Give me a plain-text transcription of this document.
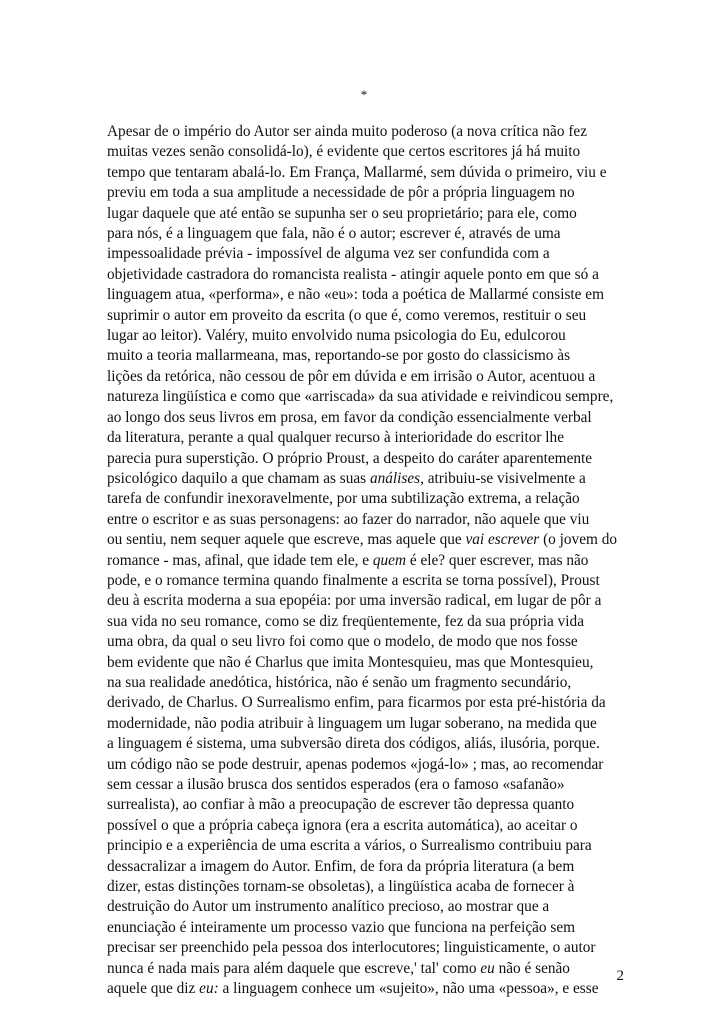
*
Apesar de o império do Autor ser ainda muito poderoso (a nova crítica não fez
muitas vezes senão consolidá-lo), é evidente que certos escritores já há muito
tempo que tentaram abalá-lo. Em França, Mallarmé, sem dúvida o primeiro, viu e
previu em toda a sua amplitude a necessidade de pôr a própria linguagem no
lugar daquele que até então se supunha ser o seu proprietário; para ele, como
para nós, é a linguagem que fala, não é o autor; escrever é, através de uma
impessoalidade prévia - impossível de alguma vez ser confundida com a
objetividade castradora do romancista realista - atingir aquele ponto em que só a
linguagem atua, «performa», e não «eu»: toda a poética de Mallarmé consiste em
suprimir o autor em proveito da escrita (o que é, como veremos, restituir o seu
lugar ao leitor). Valéry, muito envolvido numa psicologia do Eu, edulcorou
muito a teoria mallarmeana, mas, reportando-se por gosto do classicismo às
lições da retórica, não cessou de pôr em dúvida e em irrisão o Autor, acentuou a
natureza lingüística e como que «arriscada» da sua atividade e reivindicou sempre,
ao longo dos seus livros em prosa, em favor da condição essencialmente verbal
da literatura, perante a qual qualquer recurso à interioridade do escritor lhe
parecia pura superstição. O próprio Proust, a despeito do caráter aparentemente
psicológico daquilo a que chamam as suas análises, atribuiu-se visivelmente a
tarefa de confundir inexoravelmente, por uma subtilização extrema, a relação
entre o escritor e as suas personagens: ao fazer do narrador, não aquele que viu
ou sentiu, nem sequer aquele que escreve, mas aquele que vai escrever (o jovem do
romance - mas, afinal, que idade tem ele, e quem é ele? quer escrever, mas não
pode, e o romance termina quando finalmente a escrita se torna possível), Proust
deu à escrita moderna a sua epopéia: por uma inversão radical, em lugar de pôr a
sua vida no seu romance, como se diz freqüentemente, fez da sua própria vida
uma obra, da qual o seu livro foi como que o modelo, de modo que nos fosse
bem evidente que não é Charlus que imita Montesquieu, mas que Montesquieu,
na sua realidade anedótica, histórica, não é senão um fragmento secundário,
derivado, de Charlus. O Surrealismo enfim, para ficarmos por esta pré-história da
modernidade, não podia atribuir à linguagem um lugar soberano, na medida que
a linguagem é sistema, uma subversão direta dos códigos, aliás, ilusória, porque.
um código não se pode destruir, apenas podemos «jogá-lo» ; mas, ao recomendar
sem cessar a ilusão brusca dos sentidos esperados (era o famoso «safanão»
surrealista), ao confiar à mão a preocupação de escrever tão depressa quanto
possível o que a própria cabeça ignora (era a escrita automática), ao aceitar o
principio e a experiência de uma escrita a vários, o Surrealismo contribuiu para
dessacralizar a imagem do Autor. Enfim, de fora da própria literatura (a bem
dizer, estas distinções tornam-se obsoletas), a lingüística acaba de fornecer à
destruição do Autor um instrumento analítico precioso, ao mostrar que a
enunciação é inteiramente um processo vazio que funciona na perfeição sem
precisar ser preenchido pela pessoa dos interlocutores; linguisticamente, o autor
nunca é nada mais para além daquele que escreve,' tal' como eu não é senão
aquele que diz eu: a linguagem conhece um «sujeito», não uma «pessoa», e esse
2
